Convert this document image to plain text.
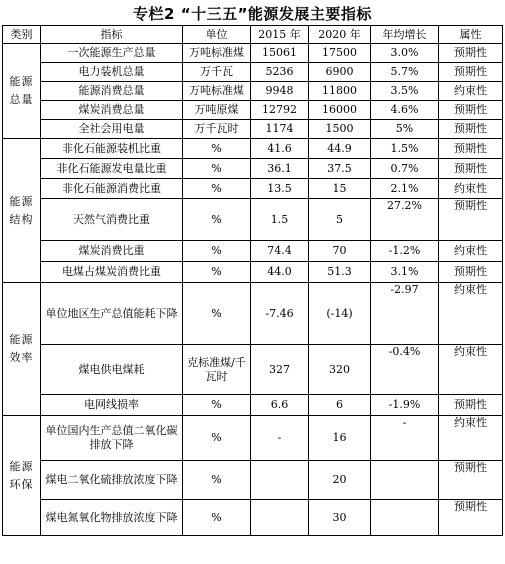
专栏2 “十三五”能源发展主要指标
类别	指标	单位	2015 年	2020 年	年均增长	属性
能源总量	一次能源生产总量	万吨标准煤	15061	17500	3.0%	预期性
	电力装机总量	万千瓦	5236	6900	5.7%	预期性
	能源消费总量	万吨标准煤	9948	11800	3.5%	约束性
	煤炭消费总量	万吨原煤	12792	16000	4.6%	预期性
	全社会用电量	万千瓦时	1174	1500	5%	预期性
能源结构	非化石能源装机比重	%	41.6	44.9	1.5%	预期性
	非化石能源发电量比重	%	36.1	37.5	0.7%	预期性
	非化石能源消费比重	%	13.5	15	2.1%	约束性
	天然气消费比重	%	1.5	5	27.2%	预期性
	煤炭消费比重	%	74.4	70	-1.2%	约束性
	电煤占煤炭消费比重	%	44.0	51.3	3.1%	预期性
能源效率	单位地区生产总值能耗下降	%	-7.46	(-14)	-2.97	约束性
	煤电供电煤耗	克标准煤/千瓦时	327	320	-0.4%	约束性
	电网线损率	%	6.6	6	-1.9%	预期性
能源环保	单位国内生产总值二氧化碳排放下降	%	-	16	-	约束性
	煤电二氧化硫排放浓度下降	%		20		预期性
	煤电氮氧化物排放浓度下降	%		30		预期性
